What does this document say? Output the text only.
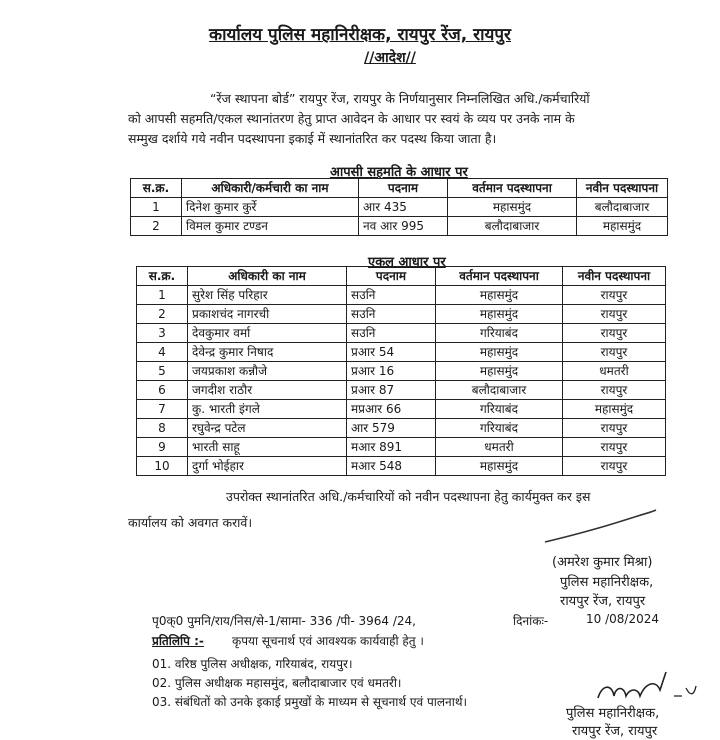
कार्यालय पुलिस महानिरीक्षक, रायपुर रेंज, रायपुर
//आदेश//
“रेंज स्थापना बोर्ड” रायपुर रेंज, रायपुर के निर्णयानुसार निम्नलिखित अधि./कर्मचारियों
को आपसी सहमति/एकल स्थानांतरण हेतु प्राप्त आवेदन के आधार पर स्वयं के व्यय पर उनके नाम के
सम्मुख दर्शाये गये नवीन पदस्थापना इकाई में स्थानांतरित कर पदस्थ किया जाता है।
आपसी सहमति के आधार पर
स.क्र.	अधिकारी/कर्मचारी का नाम	पदनाम	वर्तमान पदस्थापना	नवीन पदस्थापना
1	दिनेश कुमार कुर्रे	आर 435	महासमुंद	बलौदाबाजार
2	विमल कुमार टण्डन	नव आर 995	बलौदाबाजार	महासमुंद
एकल आधार पर
स.क्र.	अधिकारी का नाम	पदनाम	वर्तमान पदस्थापना	नवीन पदस्थापना
1	सुरेश सिंह परिहार	सउनि	महासमुंद	रायपुर
2	प्रकाशचंद नागरची	सउनि	महासमुंद	रायपुर
3	देवकुमार वर्मा	सउनि	गरियाबंद	रायपुर
4	देवेन्द्र कुमार निषाद	प्रआर 54	महासमुंद	रायपुर
5	जयप्रकाश कन्नौजे	प्रआर 16	महासमुंद	धमतरी
6	जगदीश राठौर	प्रआर 87	बलौदाबाजार	रायपुर
7	कु. भारती इंगले	मप्रआर 66	गरियाबंद	महासमुंद
8	रघुवेन्द्र पटेल	आर 579	गरियाबंद	रायपुर
9	भारती साहू	मआर 891	धमतरी	रायपुर
10	दुर्गा भोईहार	मआर 548	महासमुंद	रायपुर
उपरोक्त स्थानांतरित अधि./कर्मचारियों को नवीन पदस्थापना हेतु कार्यमुक्त कर इस
कार्यालय को अवगत करावें।
(अमरेश कुमार मिश्रा)
पुलिस महानिरीक्षक,
रायपुर रेंज, रायपुर
पृ0क्0 पुमनि/राय/निस/से-1/सामा- 336 /पी- 3964 /24,	दिनांकः-	10 /08/2024
प्रतिलिपि :- कृपया सूचनार्थ एवं आवश्यक कार्यवाही हेतु ।
01. वरिष्ठ पुलिस अधीक्षक, गरियाबंद, रायपुर।
02. पुलिस अधीक्षक महासमुंद, बलौदाबाजार एवं धमतरी।
03. संबंधितों को उनके इकाई प्रमुखों के माध्यम से सूचनार्थ एवं पालनार्थ।
पुलिस महानिरीक्षक,
रायपुर रेंज, रायपुर
